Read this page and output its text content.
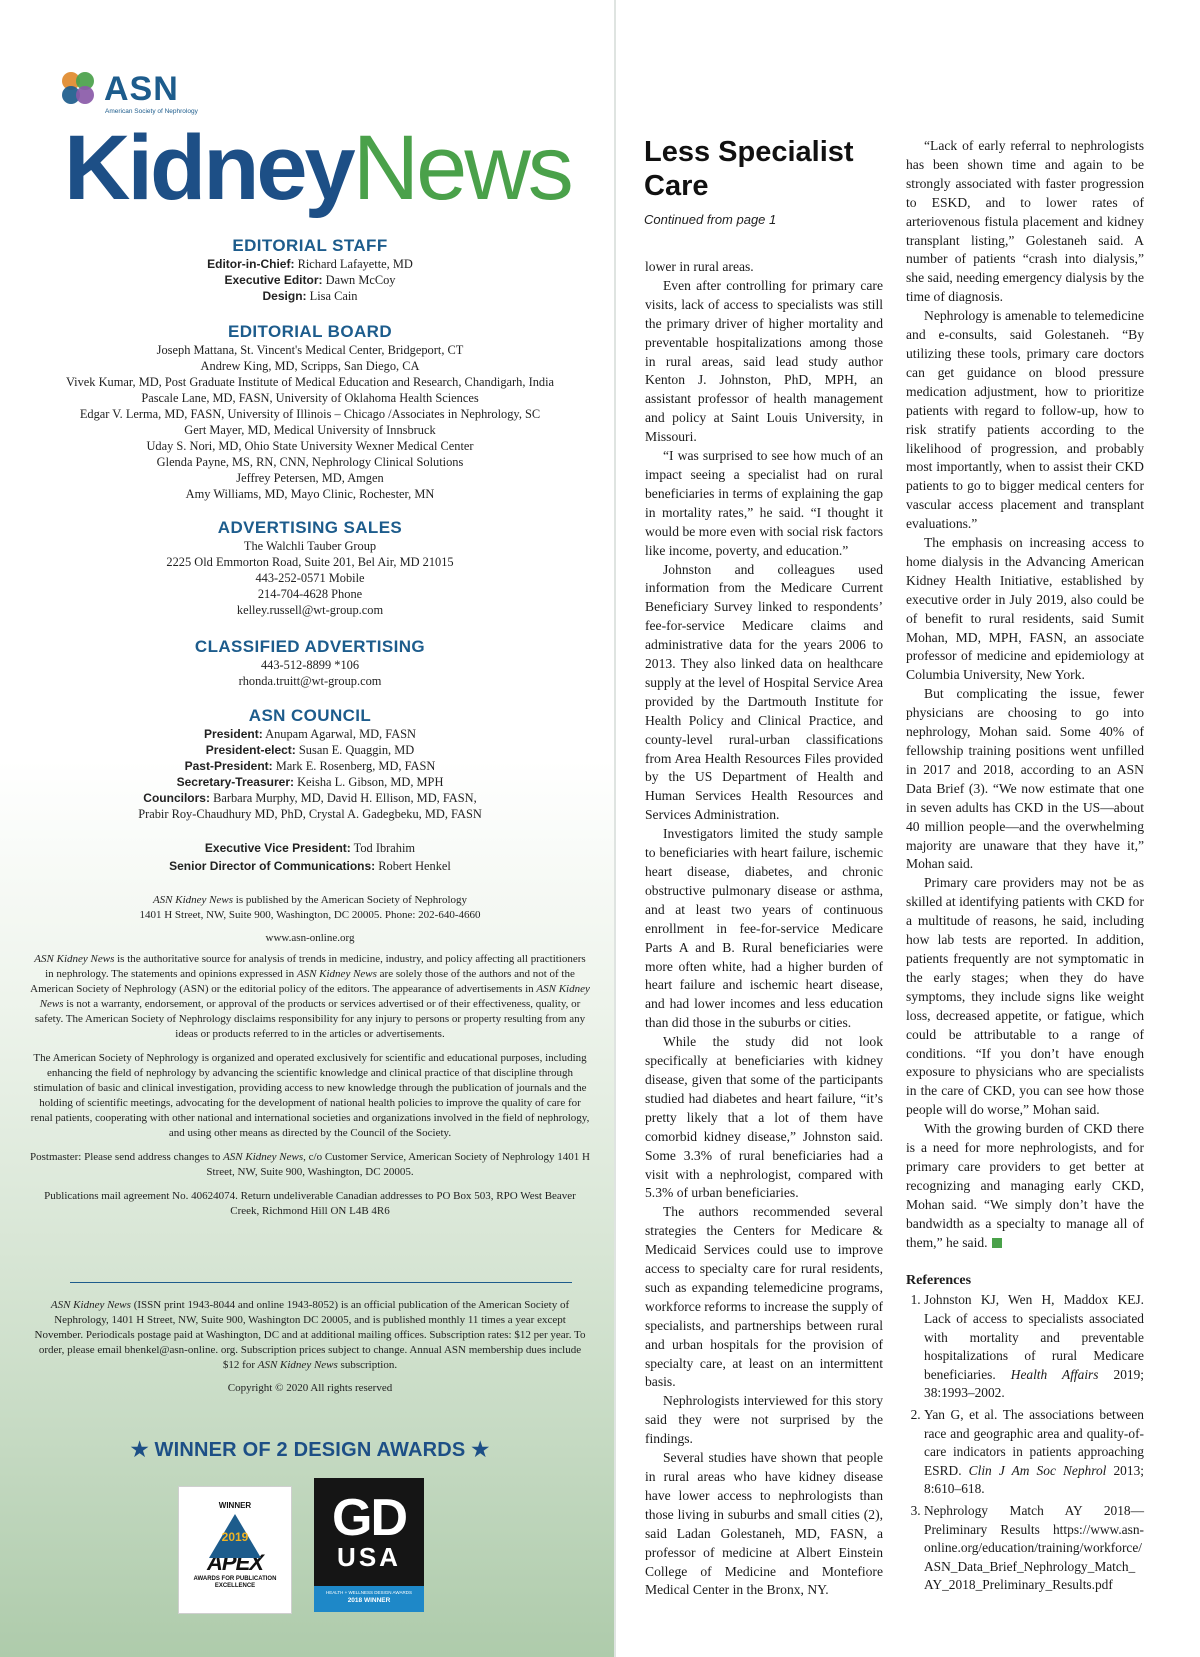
ASN
American Society of Nephrology
KidneyNews

EDITORIAL STAFF

Editor-in-Chief: Richard Lafayette, MD

Executive Editor: Dawn McCoy

Design: Lisa Cain

EDITORIAL BOARD

Joseph Mattana, St. Vincent's Medical Center, Bridgeport, CT

Andrew King, MD, Scripps, San Diego, CA

Vivek Kumar, MD, Post Graduate Institute of Medical Education and Research, Chandigarh, India

Pascale Lane, MD, FASN, University of Oklahoma Health Sciences

Edgar V. Lerma, MD, FASN, University of Illinois – Chicago /Associates in Nephrology, SC

Gert Mayer, MD, Medical University of Innsbruck

Uday S. Nori, MD, Ohio State University Wexner Medical Center

Glenda Payne, MS, RN, CNN, Nephrology Clinical Solutions

Jeffrey Petersen, MD, Amgen

Amy Williams, MD, Mayo Clinic, Rochester, MN

ADVERTISING SALES

The Walchli Tauber Group

2225 Old Emmorton Road, Suite 201, Bel Air, MD 21015

443-252-0571 Mobile

214-704-4628 Phone

kelley.russell@wt-group.com

CLASSIFIED ADVERTISING

443-512-8899 *106

rhonda.truitt@wt-group.com

ASN COUNCIL

President: Anupam Agarwal, MD, FASN

President-elect: Susan E. Quaggin, MD

Past-President: Mark E. Rosenberg, MD, FASN

Secretary-Treasurer: Keisha L. Gibson, MD, MPH

Councilors: Barbara Murphy, MD, David H. Ellison, MD, FASN,

Prabir Roy-Chaudhury MD, PhD, Crystal A. Gadegbeku, MD, FASN

Executive Vice President: Tod Ibrahim

Senior Director of Communications: Robert Henkel

ASN Kidney News is published by the American Society of Nephrology

1401 H Street, NW, Suite 900, Washington, DC 20005. Phone: 202-640-4660

www.asn-online.org

ASN Kidney News is the authoritative source for analysis of trends in medicine, industry, and policy affecting all practitioners in nephrology. The statements and opinions expressed in ASN Kidney News are solely those of the authors and not of the American Society of Nephrology (ASN) or the editorial policy of the editors. The appearance of advertisements in ASN Kidney News is not a warranty, endorsement, or approval of the products or services advertised or of their effectiveness, quality, or safety. The American Society of Nephrology disclaims responsibility for any injury to persons or property resulting from any ideas or products referred to in the articles or advertisements.

The American Society of Nephrology is organized and operated exclusively for scientific and educational purposes, including enhancing the field of nephrology by advancing the scientific knowledge and clinical practice of that discipline through stimulation of basic and clinical investigation, providing access to new knowledge through the publication of journals and the holding of scientific meetings, advocating for the development of national health policies to improve the quality of care for renal patients, cooperating with other national and international societies and organizations involved in the field of nephrology, and using other means as directed by the Council of the Society.

Postmaster: Please send address changes to ASN Kidney News, c/o Customer Service, American Society of Nephrology 1401 H Street, NW, Suite 900, Washington, DC 20005.

Publications mail agreement No. 40624074. Return undeliverable Canadian addresses to PO Box 503, RPO West Beaver Creek, Richmond Hill ON L4B 4R6

ASN Kidney News (ISSN print 1943-8044 and online 1943-8052) is an official publication of the American Society of Nephrology, 1401 H Street, NW, Suite 900, Washington DC 20005, and is published monthly 11 times a year except November. Periodicals postage paid at Washington, DC and at additional mailing offices. Subscription rates: $12 per year. To order, please email bhenkel@asn-online. org. Subscription prices subject to change. Annual ASN membership dues include $12 for ASN Kidney News subscription.

Copyright © 2020 All rights reserved

★ WINNER OF 2 DESIGN AWARDS ★
WINNER
2019
APEX
AWARDS FOR PUBLICATION EXCELLENCE
GD
USA
HEALTH + WELLNESS DESIGN AWARDS
2018 WINNER
Less Specialist Care
Continued from page 1

lower in rural areas.

Even after controlling for primary care visits, lack of access to specialists was still the primary driver of higher mortality and preventable hospitalizations among those in rural areas, said lead study author Kenton J. Johnston, PhD, MPH, an assistant professor of health management and policy at Saint Louis University, in Missouri.

“I was surprised to see how much of an impact seeing a specialist had on rural beneficiaries in terms of explaining the gap in mortality rates,” he said. “I thought it would be more even with social risk factors like income, poverty, and education.”

Johnston and colleagues used information from the Medicare Current Beneficiary Survey linked to respondents’ fee-for-service Medicare claims and administrative data for the years 2006 to 2013. They also linked data on healthcare supply at the level of Hospital Service Area provided by the Dartmouth Institute for Health Policy and Clinical Practice, and county-level rural-urban classifications from Area Health Resources Files provided by the US Department of Health and Human Services Health Resources and Services Administration.

Investigators limited the study sample to beneficiaries with heart failure, ischemic heart disease, diabetes, and chronic obstructive pulmonary disease or asthma, and at least two years of continuous enrollment in fee-for-service Medicare Parts A and B. Rural beneficiaries were more often white, had a higher burden of heart failure and ischemic heart disease, and had lower incomes and less education than did those in the suburbs or cities.

While the study did not look specifically at beneficiaries with kidney disease, given that some of the participants studied had diabetes and heart failure, “it’s pretty likely that a lot of them have comorbid kidney disease,” Johnston said. Some 3.3% of rural beneficiaries had a visit with a nephrologist, compared with 5.3% of urban beneficiaries.

The authors recommended several strategies the Centers for Medicare & Medicaid Services could use to improve access to specialty care for rural residents, such as expanding telemedicine programs, workforce reforms to increase the supply of specialists, and partnerships between rural and urban hospitals for the provision of specialty care, at least on an intermittent basis.

Nephrologists interviewed for this story said they were not surprised by the findings.

Several studies have shown that people in rural areas who have kidney disease have lower access to nephrologists than those living in suburbs and small cities (2), said Ladan Golestaneh, MD, FASN, a professor of medicine at Albert Einstein College of Medicine and Montefiore Medical Center in the Bronx, NY.

“Lack of early referral to nephrologists has been shown time and again to be strongly associated with faster progression to ESKD, and to lower rates of arteriovenous fistula placement and kidney transplant listing,” Golestaneh said. A number of patients “crash into dialysis,” she said, needing emergency dialysis by the time of diagnosis.

Nephrology is amenable to telemedicine and e-consults, said Golestaneh. “By utilizing these tools, primary care doctors can get guidance on blood pressure medication adjustment, how to prioritize patients with regard to follow-up, how to risk stratify patients according to the likelihood of progression, and probably most importantly, when to assist their CKD patients to go to bigger medical centers for vascular access placement and transplant evaluations.”

The emphasis on increasing access to home dialysis in the Advancing American Kidney Health Initiative, established by executive order in July 2019, also could be of benefit to rural residents, said Sumit Mohan, MD, MPH, FASN, an associate professor of medicine and epidemiology at Columbia University, New York.

But complicating the issue, fewer physicians are choosing to go into nephrology, Mohan said. Some 40% of fellowship training positions went unfilled in 2017 and 2018, according to an ASN Data Brief (3). “We now estimate that one in seven adults has CKD in the US—about 40 million people—and the overwhelming majority are unaware that they have it,” Mohan said.

Primary care providers may not be as skilled at identifying patients with CKD for a multitude of reasons, he said, including how lab tests are reported. In addition, patients frequently are not symptomatic in the early stages; when they do have symptoms, they include signs like weight loss, decreased appetite, or fatigue, which could be attributable to a range of conditions. “If you don’t have enough exposure to physicians who are specialists in the care of CKD, you can see how those people will do worse,” Mohan said.

With the growing burden of CKD there is a need for more nephrologists, and for primary care providers to get better at recognizing and managing early CKD, Mohan said. “We simply don’t have the bandwidth as a specialty to manage all of them,” he said.

References

1. Johnston KJ, Wen H, Maddox KEJ. Lack of access to specialists associated with mortality and preventable hospitalizations of rural Medicare beneficiaries. Health Affairs 2019; 38:1993–2002.
2. Yan G, et al. The associations between race and geographic area and quality-of-care indicators in patients approaching ESRD. Clin J Am Soc Nephrol 2013; 8:610–618.
3. Nephrology Match AY 2018—Preliminary Results https://www.asn-online.org/education/training/workforce/ASN_Data_Brief_Nephrology_Match_AY_2018_Preliminary_Results.pdf
